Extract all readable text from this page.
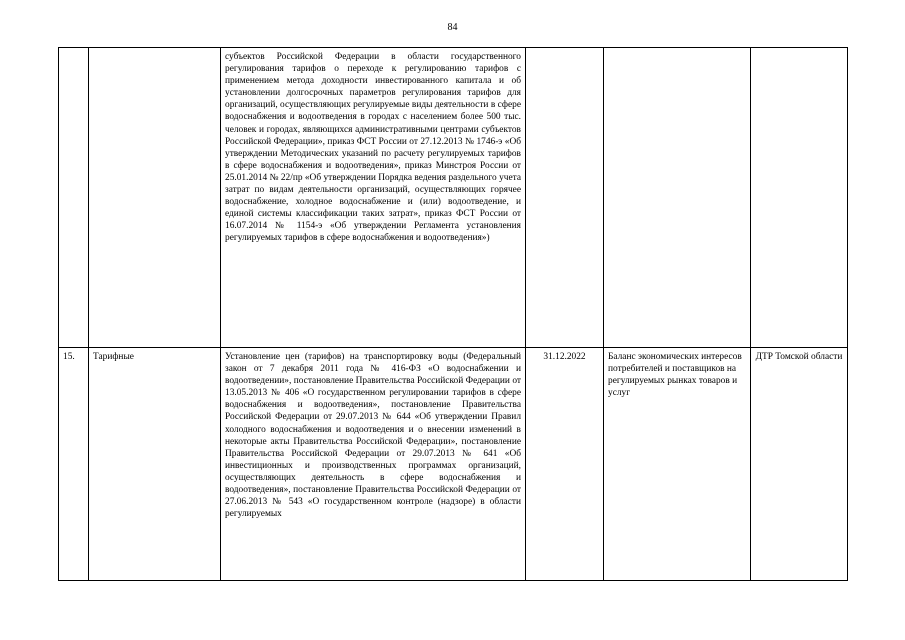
84
		субъектов Российской Федерации в области государственного регулирования тарифов о переходе к регулированию тарифов с применением метода доходности инвестированного капитала и об установлении долгосрочных параметров регулирования тарифов для организаций, осуществляющих регулируемые виды деятельности в сфере водоснабжения и водоотведения в городах с населением более 500 тыс. человек и городах, являющихся административными центрами субъектов Российской Федерации», приказ ФСТ России от 27.12.2013 № 1746-э «Об утверждении Методических указаний по расчету регулируемых тарифов в сфере водоснабжения и водоотведения», приказ Минстроя России от 25.01.2014 № 22/пр «Об утверждении Порядка ведения раздельного учета затрат по видам деятельности организаций, осуществляющих горячее водоснабжение, холодное водоснабжение и (или) водоотведение, и единой системы классификации таких затрат», приказ ФСТ России от 16.07.2014 № 1154-э «Об утверждении Регламента установления регулируемых тарифов в сфере водоснабжения и водоотведения»)			
15.	Тарифные	Установление цен (тарифов) на транспортировку воды (Федеральный закон от 7 декабря 2011 года № 416-ФЗ «О водоснабжении и водоотведении», постановление Правительства Российской Федерации от 13.05.2013 № 406 «О государственном регулировании тарифов в сфере водоснабжения и водоотведения», постановление Правительства Российской Федерации от 29.07.2013 № 644 «Об утверждении Правил холодного водоснабжения и водоотведения и о внесении изменений в некоторые акты Правительства Российской Федерации», постановление Правительства Российской Федерации от 29.07.2013 № 641 «Об инвестиционных и производственных программах организаций, осуществляющих деятельность в сфере водоснабжения и водоотведения», постановление Правительства Российской Федерации от 27.06.2013 № 543 «О государственном контроле (надзоре) в области регулируемых	31.12.2022	Баланс экономических интересов потребителей и поставщиков на регулируемых рынках товаров и услуг	ДТР Томской области
